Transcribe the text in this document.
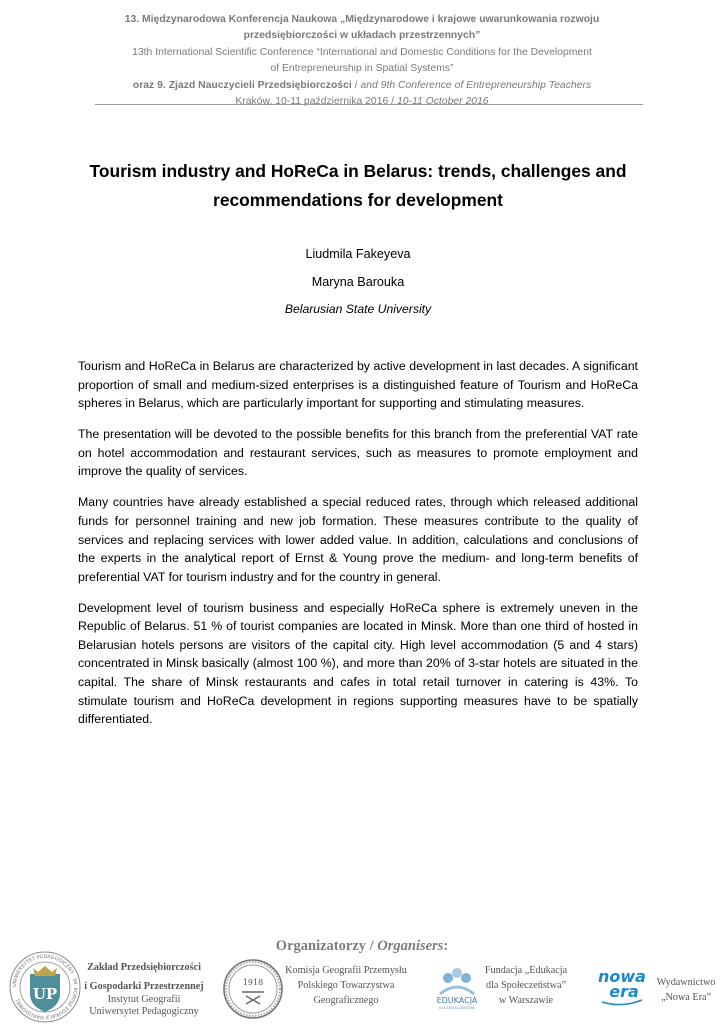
13. Międzynarodowa Konferencja Naukowa „Międzynarodowe i krajowe uwarunkowania rozwoju
przedsiębiorczości w układach przestrzennych”
13th International Scientific Conference “International and Domestic Conditions for the Development
of Entrepreneurship in Spatial Systems”
oraz 9. Zjazd Nauczycieli Przedsiębiorczości / and 9th Conference of Entrepreneurship Teachers
Kraków, 10-11 października 2016 / 10-11 October 2016
Tourism industry and HoReCa in Belarus: trends, challenges and
recommendations for development
Liudmila Fakeyeva
Maryna Barouka
Belarusian State University

Tourism and HoReCa in Belarus are characterized by active development in last decades. A significant proportion of small and medium-sized enterprises is a distinguished feature of Tourism and HoReCa spheres in Belarus, which are particularly important for supporting and stimulating measures.

The presentation will be devoted to the possible benefits for this branch from the preferential VAT rate on hotel accommodation and restaurant services, such as measures to promote employment and improve the quality of services.

Many countries have already established a special reduced rates, through which released additional funds for personnel training and new job formation. These measures contribute to the quality of services and replacing services with lower added value. In addition, calculations and conclusions of the experts in the analytical report of Ernst & Young prove the medium- and long-term benefits of preferential VAT for tourism industry and for the country in general.

Development level of tourism business and especially HoReCa sphere is extremely uneven in the Republic of Belarus. 51 % of tourist companies are located in Minsk. More than one third of hosted in Belarusian hotels persons are visitors of the capital city. High level accommodation (5 and 4 stars) concentrated in Minsk basically (almost 100 %), and more than 20% of 3-star hotels are situated in the capital. The share of Minsk restaurants and cafes in total retail turnover in catering is 43%. To stimulate tourism and HoReCa development in regions supporting measures have to be spatially differentiated.

Organizatorzy / Organisers:
UNIWERSYTET PEDAGOGICZNY · IM. KOMISJI EDUKACJI NARODOWEJ UP
Zakład Przedsiębiorczości
i Gospodarki Przestrzennej
Instytut Geografii
Uniwersytet Pedagogiczny
1918
Komisja Geografii Przemysłu
Polskiego Towarzystwa
Geograficznego	EDUKACJA
DLA SPOŁECZEŃSTWA
Fundacja „Edukacja
dla Społeczeństwa”
w Warszawie
nowa
era	Wydawnictwo
„Nowa Era”
